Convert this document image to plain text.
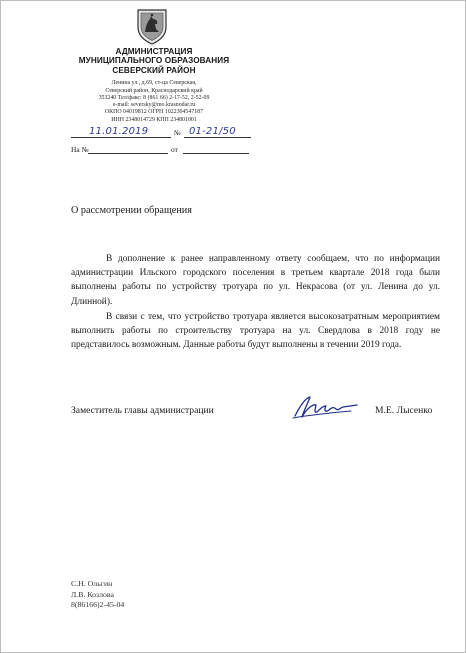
АДМИНИСТРАЦИЯ
МУНИЦИПАЛЬНОГО ОБРАЗОВАНИЯ
СЕВЕРСКИЙ РАЙОН
Ленина ул., д.69, ст-ца Северская,
Северский район, Краснодарский край
353240 Тел/факс: 8 (861 66) 2-17-52, 2-52-09
e-mail: seversky@mo.krasnodar.ru
ОКПО 04019812 ОГРН 1022304547187
ИНН 2348014729 КПП 234801001
11.01.2019	№ 01-21/50
На №	от
О рассмотрении обращения

В дополнение к ранее направленному ответу сообщаем, что по информации администрации Ильского городского поселения в третьем квартале 2018 года были выполнены работы по устройству тротуара по ул. Некрасова (от ул. Ленина до ул. Длинной).

В связи с тем, что устройство тротуара является высокозатратным мероприятием выполнить работы по строительству тротуара на ул. Свердлова в 2018 году не представилось возможным. Данные работы будут выполнены в течении 2019 года.

Заместитель главы администрации	М.Е. Лысенко
С.Н. Ольгин
Л.В. Козлова
8(86166)2-45-04
